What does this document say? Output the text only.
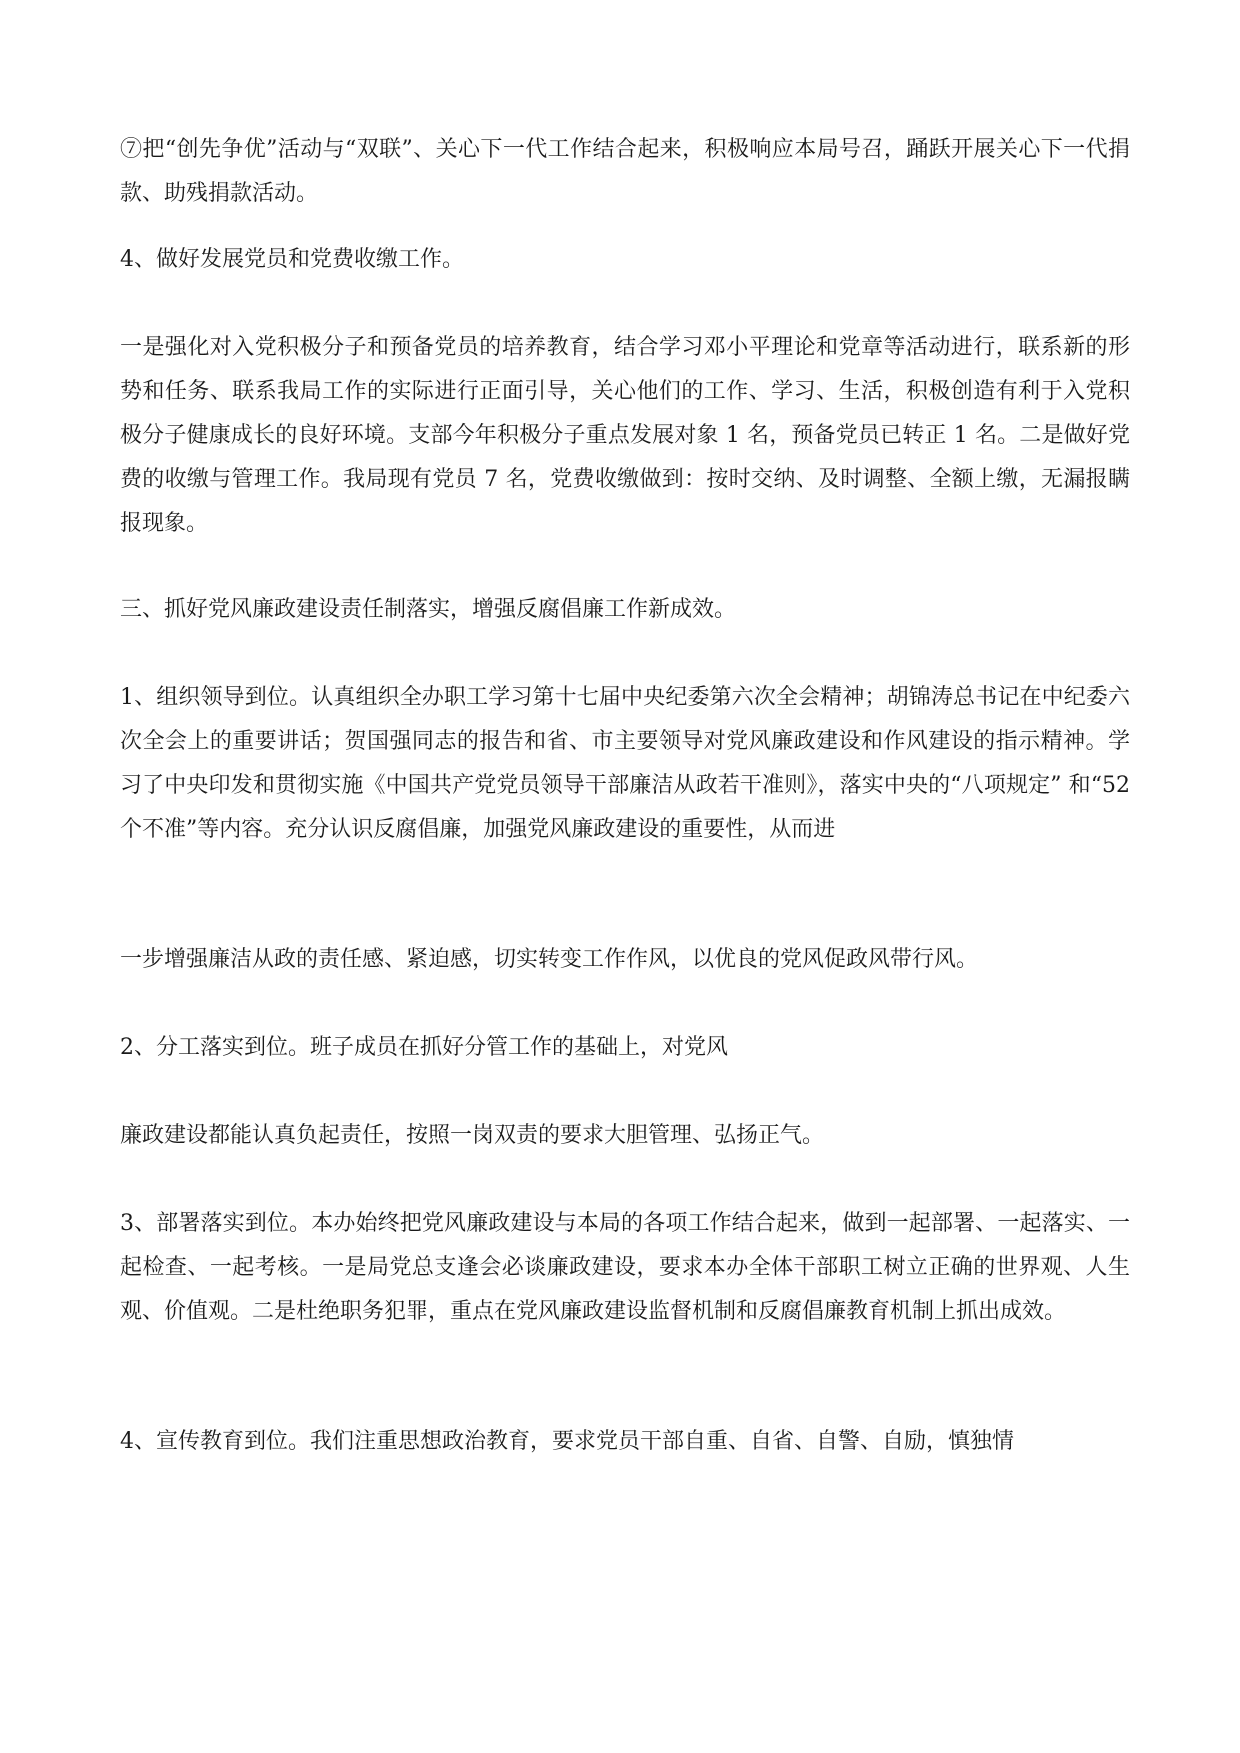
⑦把“创先争优”活动与“双联”、关心下一代工作结合起来，积极响应本局号召，踊跃开展关心下一代捐款、助残捐款活动。

4、做好发展党员和党费收缴工作。

一是强化对入党积极分子和预备党员的培养教育，结合学习邓小平理论和党章等活动进行，联系新的形势和任务、联系我局工作的实际进行正面引导，关心他们的工作、学习、生活，积极创造有利于入党积极分子健康成长的良好环境。支部今年积极分子重点发展对象 1 名，预备党员已转正 1 名。二是做好党费的收缴与管理工作。我局现有党员 7 名，党费收缴做到：按时交纳、及时调整、全额上缴，无漏报瞒报现象。

三、抓好党风廉政建设责任制落实，增强反腐倡廉工作新成效。

1、组织领导到位。认真组织全办职工学习第十七届中央纪委第六次全会精神；胡锦涛总书记在中纪委六次全会上的重要讲话；贺国强同志的报告和省、市主要领导对党风廉政建设和作风建设的指示精神。学习了中央印发和贯彻实施《中国共产党党员领导干部廉洁从政若干准则》，落实中央的“八项规定” 和“52 个不准”等内容。充分认识反腐倡廉，加强党风廉政建设的重要性，从而进

一步增强廉洁从政的责任感、紧迫感，切实转变工作作风，以优良的党风促政风带行风。

2、分工落实到位。班子成员在抓好分管工作的基础上，对党风

廉政建设都能认真负起责任，按照一岗双责的要求大胆管理、弘扬正气。

3、部署落实到位。本办始终把党风廉政建设与本局的各项工作结合起来，做到一起部署、一起落实、一起检查、一起考核。一是局党总支逢会必谈廉政建设，要求本办全体干部职工树立正确的世界观、人生观、价值观。二是杜绝职务犯罪，重点在党风廉政建设监督机制和反腐倡廉教育机制上抓出成效。

4、宣传教育到位。我们注重思想政治教育，要求党员干部自重、自省、自警、自励，慎独情
